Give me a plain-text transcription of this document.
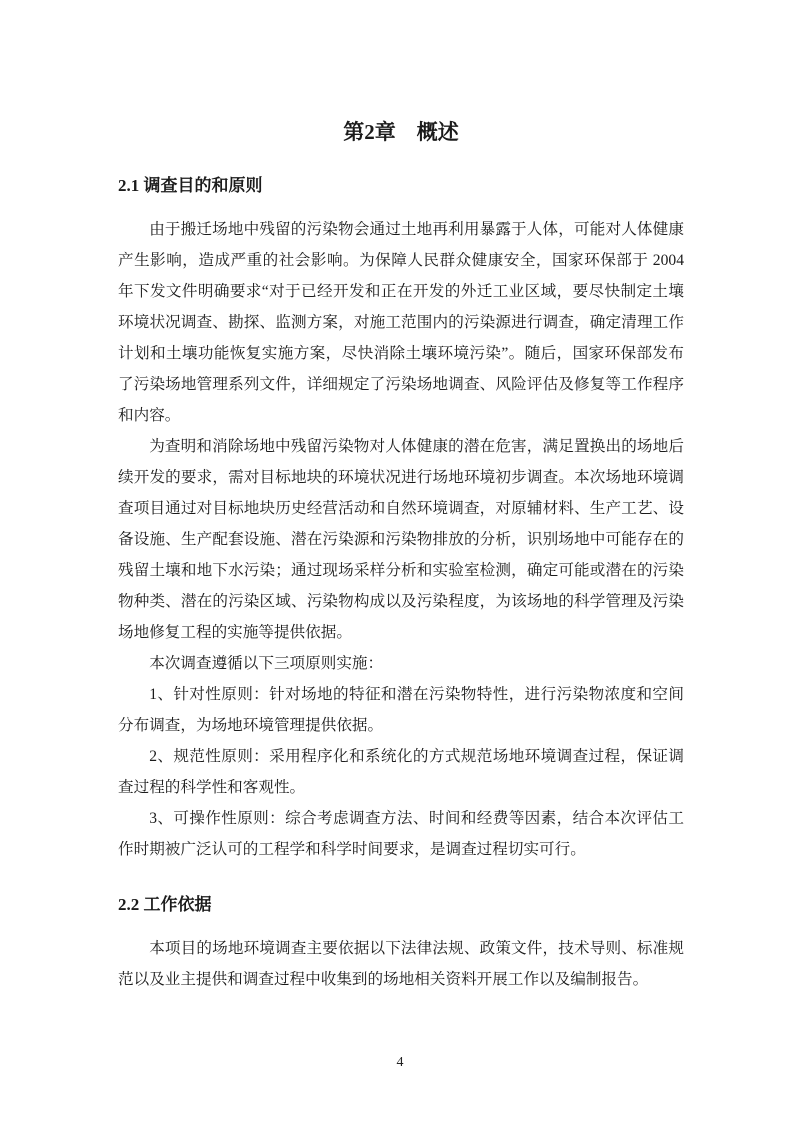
第2章　概述
2.1 调查目的和原则

由于搬迁场地中残留的污染物会通过土地再利用暴露于人体，可能对人体健康产生影响，造成严重的社会影响。为保障人民群众健康安全，国家环保部于 2004 年下发文件明确要求“对于已经开发和正在开发的外迁工业区域，要尽快制定土壤环境状况调查、勘探、监测方案，对施工范围内的污染源进行调查，确定清理工作计划和土壤功能恢复实施方案，尽快消除土壤环境污染”。随后，国家环保部发布了污染场地管理系列文件，详细规定了污染场地调查、风险评估及修复等工作程序和内容。

为查明和消除场地中残留污染物对人体健康的潜在危害，满足置换出的场地后续开发的要求，需对目标地块的环境状况进行场地环境初步调查。本次场地环境调查项目通过对目标地块历史经营活动和自然环境调查，对原辅材料、生产工艺、设备设施、生产配套设施、潜在污染源和污染物排放的分析，识别场地中可能存在的残留土壤和地下水污染；通过现场采样分析和实验室检测，确定可能或潜在的污染物种类、潜在的污染区域、污染物构成以及污染程度，为该场地的科学管理及污染场地修复工程的实施等提供依据。

本次调查遵循以下三项原则实施：

1、针对性原则：针对场地的特征和潜在污染物特性，进行污染物浓度和空间分布调查，为场地环境管理提供依据。

2、规范性原则：采用程序化和系统化的方式规范场地环境调查过程，保证调查过程的科学性和客观性。

3、可操作性原则：综合考虑调查方法、时间和经费等因素，结合本次评估工作时期被广泛认可的工程学和科学时间要求，是调查过程切实可行。

2.2 工作依据

本项目的场地环境调查主要依据以下法律法规、政策文件，技术导则、标准规范以及业主提供和调查过程中收集到的场地相关资料开展工作以及编制报告。

4
